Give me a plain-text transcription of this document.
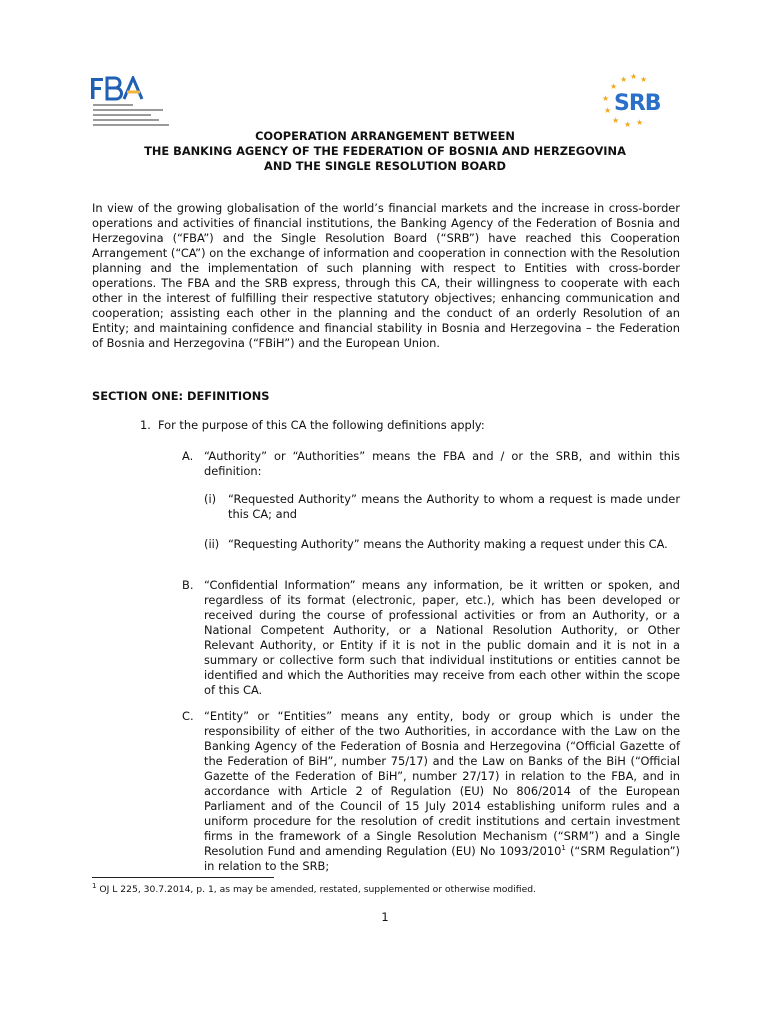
★ ★ ★
★
★
★
★ ★ ★
SRB
COOPERATION ARRANGEMENT BETWEEN
THE BANKING AGENCY OF THE FEDERATION OF BOSNIA AND HERZEGOVINA
AND THE SINGLE RESOLUTION BOARD
In view of the growing globalisation of the world’s financial markets and the increase in cross-border operations and activities of financial institutions, the Banking Agency of the Federation of Bosnia and Herzegovina (“FBA”) and the Single Resolution Board (“SRB”) have reached this Cooperation Arrangement (“CA”) on the exchange of information and cooperation in connection with the Resolution planning and the implementation of such planning with respect to Entities with cross-border operations. The FBA and the SRB express, through this CA, their willingness to cooperate with each other in the interest of fulfilling their respective statutory objectives; enhancing communication and cooperation; assisting each other in the planning and the conduct of an orderly Resolution of an Entity; and maintaining confidence and financial stability in Bosnia and Herzegovina – the Federation of Bosnia and Herzegovina (“FBiH”) and the European Union.
SECTION ONE: DEFINITIONS
1. For the purpose of this CA the following definitions apply:
A. “Authority” or “Authorities” means the FBA and / or the SRB, and within this definition:
(i) “Requested Authority” means the Authority to whom a request is made under this CA; and
(ii) “Requesting Authority” means the Authority making a request under this CA.
B. “Confidential Information” means any information, be it written or spoken, and regardless of its format (electronic, paper, etc.), which has been developed or received during the course of professional activities or from an Authority, or a National Competent Authority, or a National Resolution Authority, or Other Relevant Authority, or Entity if it is not in the public domain and it is not in a summary or collective form such that individual institutions or entities cannot be identified and which the Authorities may receive from each other within the scope of this CA.
C. “Entity” or “Entities” means any entity, body or group which is under the responsibility of either of the two Authorities, in accordance with the Law on the Banking Agency of the Federation of Bosnia and Herzegovina (“Official Gazette of the Federation of BiH”, number 75/17) and the Law on Banks of the BiH (“Official Gazette of the Federation of BiH”, number 27/17) in relation to the FBA, and in accordance with Article 2 of Regulation (EU) No 806/2014 of the European Parliament and of the Council of 15 July 2014 establishing uniform rules and a uniform procedure for the resolution of credit institutions and certain investment firms in the framework of a Single Resolution Mechanism (“SRM”) and a Single Resolution Fund and amending Regulation (EU) No 1093/2010$^1$ (“SRM Regulation”) in relation to the SRB;
$^1$ OJ L 225, 30.7.2014, p. 1, as may be amended, restated, supplemented or otherwise modified.
1
